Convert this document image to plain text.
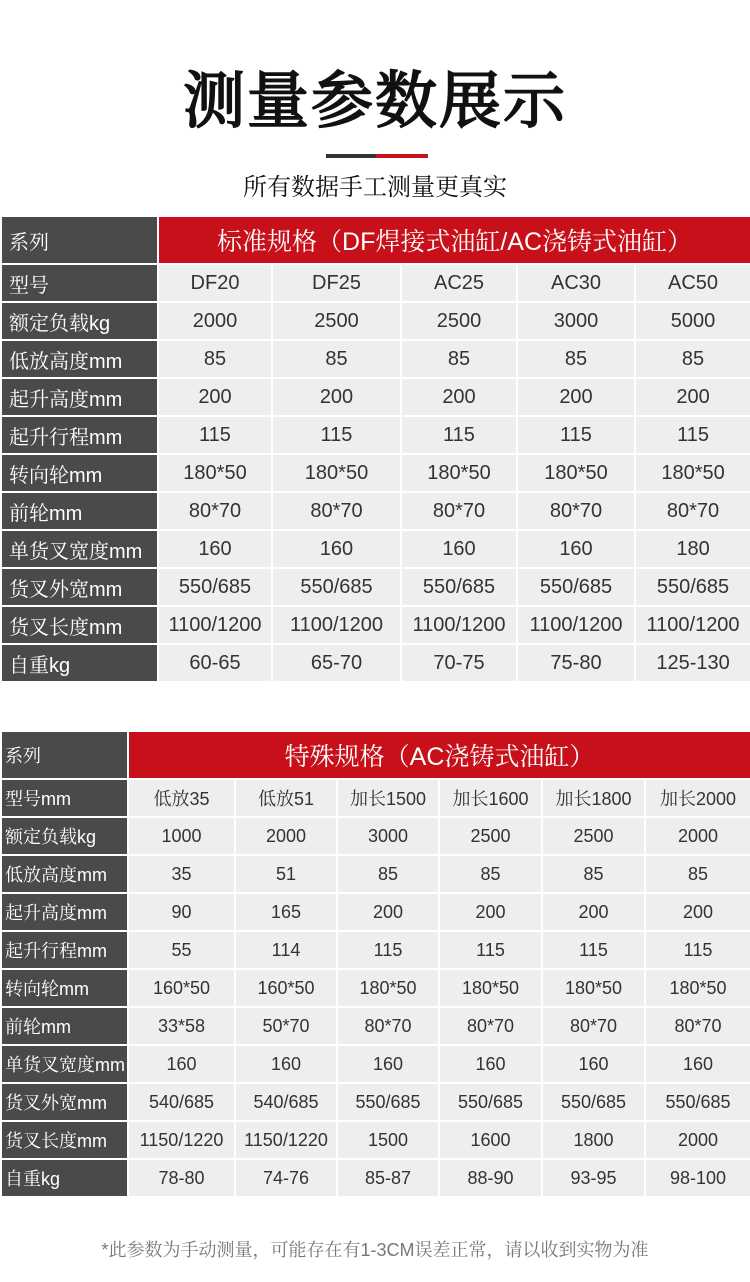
测量参数展示
所有数据手工测量更真实
系列	标准规格（DF焊接式油缸/AC浇铸式油缸）				
型号	DF20	DF25	AC25	AC30	AC50
额定负载kg	2000	2500	2500	3000	5000
低放高度mm	85	85	85	85	85
起升高度mm	200	200	200	200	200
起升行程mm	115	115	115	115	115
转向轮mm	180*50	180*50	180*50	180*50	180*50
前轮mm	80*70	80*70	80*70	80*70	80*70
单货叉宽度mm	160	160	160	160	180
货叉外宽mm	550/685	550/685	550/685	550/685	550/685
货叉长度mm	1100/1200	1100/1200	1100/1200	1100/1200	1100/1200
自重kg	60-65	65-70	70-75	75-80	125-130
系列	特殊规格（AC浇铸式油缸）					
型号mm	低放35	低放51	加长1500	加长1600	加长1800	加长2000
额定负载kg	1000	2000	3000	2500	2500	2000
低放高度mm	35	51	85	85	85	85
起升高度mm	90	165	200	200	200	200
起升行程mm	55	114	115	115	115	115
转向轮mm	160*50	160*50	180*50	180*50	180*50	180*50
前轮mm	33*58	50*70	80*70	80*70	80*70	80*70
单货叉宽度mm	160	160	160	160	160	160
货叉外宽mm	540/685	540/685	550/685	550/685	550/685	550/685
货叉长度mm	1150/1220	1150/1220	1500	1600	1800	2000
自重kg	78-80	74-76	85-87	88-90	93-95	98-100
*此参数为手动测量，可能存在有1-3CM误差正常，请以收到实物为准
